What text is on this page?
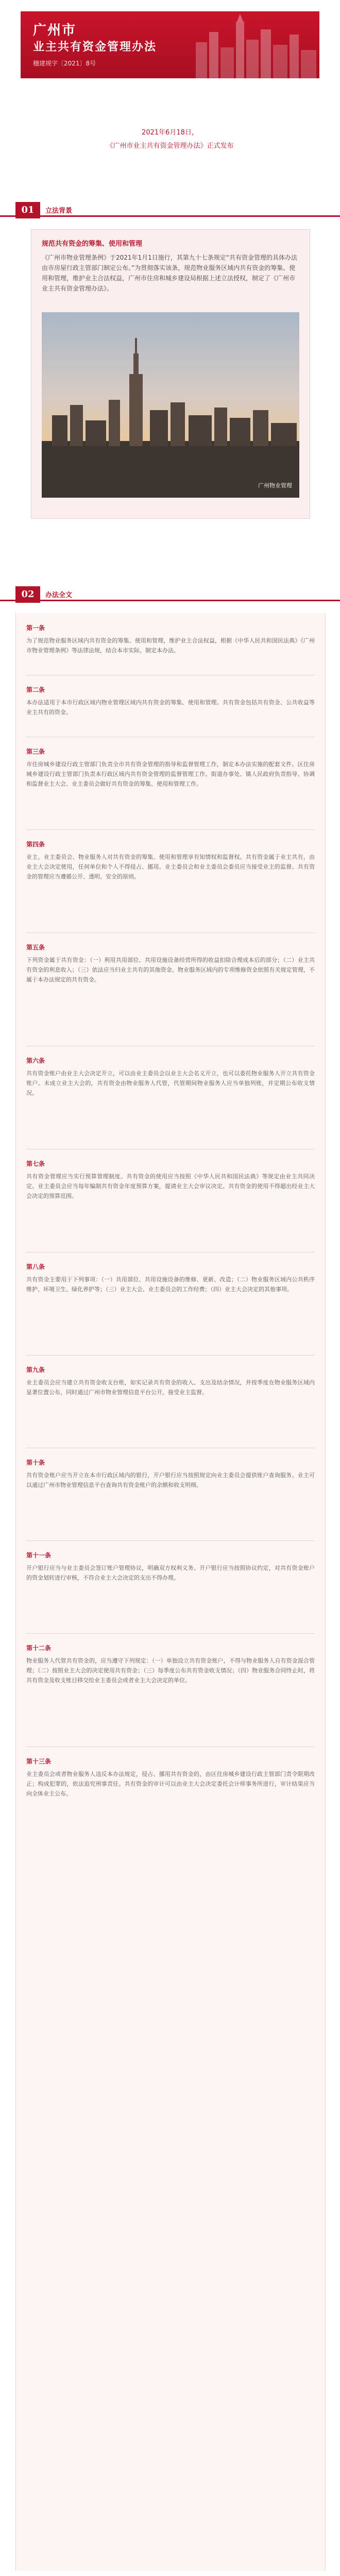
广州市
业主共有资金管理办法
穗建规字〔2021〕8号
2021年6月18日，
《广州市业主共有资金管理办法》正式发布
01	立法背景
规范共有资金的筹集、使用和管理
《广州市物业管理条例》于2021年1月1日施行，其第九十七条规定“共有资金管理的具体办法由市房屋行政主管部门制定公布。”为贯彻落实该条，规范物业服务区域内共有资金的筹集、使用和管理，维护业主合法权益，广州市住房和城乡建设局根据上述立法授权，制定了《广州市业主共有资金管理办法》。
广州物业管理
02	办法全文
第一条

为了规范物业服务区域内共有资金的筹集、使用和管理，维护业主合法权益，根据《中华人民共和国民法典》《广州市物业管理条例》等法律法规，结合本市实际，制定本办法。

第二条

本办法适用于本市行政区域内物业管理区域内共有资金的筹集、使用和管理。共有资金包括共有资金、公共收益等业主共有的资金。

第三条

市住房城乡建设行政主管部门负责全市共有资金管理的指导和监督管理工作，制定本办法实施的配套文件。区住房城乡建设行政主管部门负责本行政区域内共有资金管理的监督管理工作。街道办事处、镇人民政府负责指导、协调和监督业主大会、业主委员会做好共有资金的筹集、使用和管理工作。

第四条

业主、业主委员会、物业服务人对共有资金的筹集、使用和管理享有知情权和监督权。共有资金属于业主共有，由业主大会决定使用，任何单位和个人不得侵占、挪用。业主委员会和业主委员会委员应当接受业主的监督。共有资金的管理应当遵循公开、透明、安全的原则。

第五条

下列资金属于共有资金：（一）利用共用部位、共用设施设备经营所得的收益扣除合理成本后的部分；（二）业主共有资金的利息收入；（三）依法应当归业主共有的其他资金。物业服务区域内的专项维修资金依照有关规定管理，不属于本办法规定的共有资金。

第六条

共有资金账户由业主大会决定开立，可以由业主委员会以业主大会名义开立，也可以委托物业服务人开立共有资金账户。未成立业主大会的，共有资金由物业服务人代管，代管期间物业服务人应当单独列账，并定期公布收支情况。

第七条

共有资金管理应当实行预算管理制度。共有资金的使用应当按照《中华人民共和国民法典》等规定由业主共同决定。业主委员会应当每年编制共有资金年度预算方案，提请业主大会审议决定。共有资金的使用不得超出经业主大会决定的预算范围。

第八条

共有资金主要用于下列事项：（一）共用部位、共用设施设备的维修、更新、改造；（二）物业服务区域内公共秩序维护、环境卫生、绿化养护等；（三）业主大会、业主委员会的工作经费；（四）业主大会决定的其他事项。

第九条

业主委员会应当建立共有资金收支台账，如实记录共有资金的收入、支出及结余情况，并按季度在物业服务区域内显著位置公布，同时通过广州市物业管理信息平台公开，接受业主监督。

第十条

共有资金账户应当开立在本市行政区域内的银行，开户银行应当按照规定向业主委员会提供账户查询服务。业主可以通过广州市物业管理信息平台查询共有资金账户的余额和收支明细。

第十一条

开户银行应当与业主委员会签订账户管理协议，明确双方权利义务。开户银行应当按照协议约定，对共有资金账户的资金划转进行审核，不符合业主大会决定的支出不得办理。

第十二条

物业服务人代管共有资金的，应当遵守下列规定：（一）单独设立共有资金账户，不得与物业服务人自有资金混合管理；（二）按照业主大会的决定使用共有资金；（三）每季度公布共有资金收支情况；（四）物业服务合同终止时，将共有资金及收支账目移交给业主委员会或者业主大会决定的单位。

第十三条

业主委员会或者物业服务人违反本办法规定，侵占、挪用共有资金的，由区住房城乡建设行政主管部门责令限期改正；构成犯罪的，依法追究刑事责任。共有资金的审计可以由业主大会决定委托会计师事务所进行，审计结果应当向全体业主公布。
